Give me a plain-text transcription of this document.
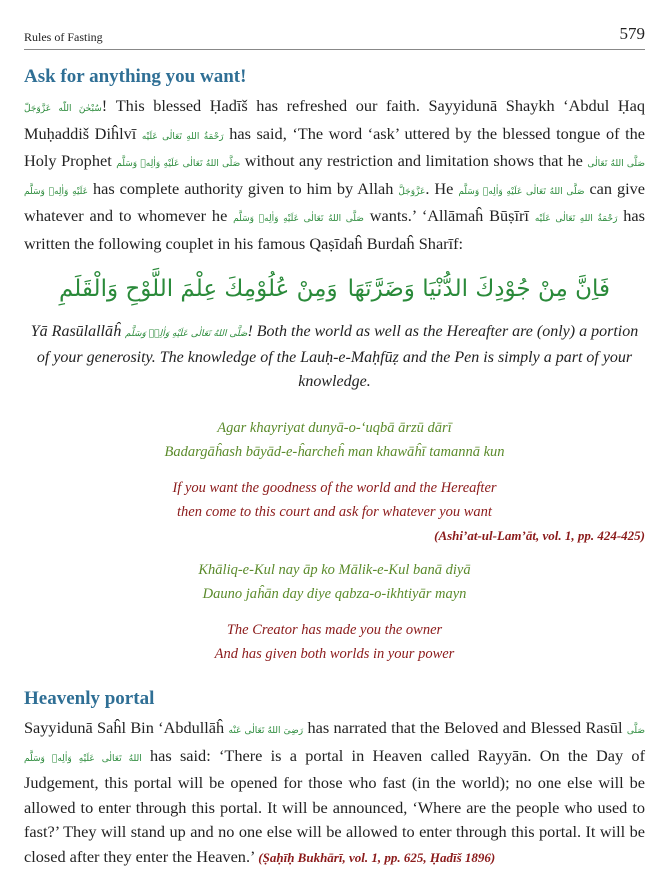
Rules of Fasting	579
Ask for anything you want!

سُبْحٰنَ اللّٰه عَزَّوَجَلّ! This blessed Ḥadīš has refreshed our faith. Sayyidunā Shaykh ‘Abdul Ḥaq Muḥaddiš Diĥlvī رَحْمَةُ اللهِ تَعَالٰی عَلَیْه has said, ‘The word ‘ask’ uttered by the blessed tongue of the Holy Prophet صَلَّی اللهُ تَعَالٰی عَلَیْهِ وَاٰلِهٖ وَسَلَّم without any restriction and limitation shows that he صَلَّی اللهُ تَعَالٰی عَلَیْهِ وَاٰلِهٖ وَسَلَّم has complete authority given to him by Allah عَزَّوَجَلَّ. He صَلَّی اللهُ تَعَالٰی عَلَیْهِ وَاٰلِهٖ وَسَلَّم can give whatever and to whomever he صَلَّی اللهُ تَعَالٰی عَلَیْهِ وَاٰلِهٖ وَسَلَّم wants.’ ‘Allāmaĥ Būṣīrī رَحْمَةُ اللهِ تَعَالٰی عَلَیْه has written the following couplet in his famous Qaṣīdaĥ Burdaĥ Sharīf:

فَاِنَّ مِنْ جُوْدِكَ الدُّنْيَا وَضَرَّتَهَا
وَمِنْ عُلُوْمِكَ عِلْمَ اللَّوْحِ وَالْقَلَمِ

Yā Rasūlallāĥ صَلَّی اللهُ تَعَالٰی عَلَیْهِ وَاٰلِهٖ وَسَلَّم! Both the world as well as the Hereafter are (only) a portion of your generosity. The knowledge of the Lauḥ-e-Maḥfūẓ and the Pen is simply a part of your knowledge.

Agar khayriyat dunyā-o-‘uqbā ārzū dārī
Badargāĥash bāyād-e-ĥarcheĥ man khawāĥī tamannā kun
If you want the goodness of the world and the Hereafter
then come to this court and ask for whatever you want
(Ashi’at-ul-Lam’āt, vol. 1, pp. 424-425)
Khāliq-e-Kul nay āp ko Mālik-e-Kul banā diyā
Dauno jaĥān day diye qabza-o-ikhtiyār mayn
The Creator has made you the owner
And has given both worlds in your power
Heavenly portal

Sayyidunā Saĥl Bin ‘Abdullāĥ رَضِیَ اللهُ تَعَالٰی عَنْه has narrated that the Beloved and Blessed Rasūl صَلَّی اللهُ تَعَالٰی عَلَیْهِ وَاٰلِهٖ وَسَلَّم has said: ‘There is a portal in Heaven called Rayyān. On the Day of Judgement, this portal will be opened for those who fast (in the world); no one else will be allowed to enter through this portal. It will be announced, ‘Where are the people who used to fast?’ They will stand up and no one else will be allowed to enter through this portal. It will be closed after they enter the Heaven.’ (Ṣaḥīḥ Bukhārī, vol. 1, pp. 625, Ḥadīš 1896)
